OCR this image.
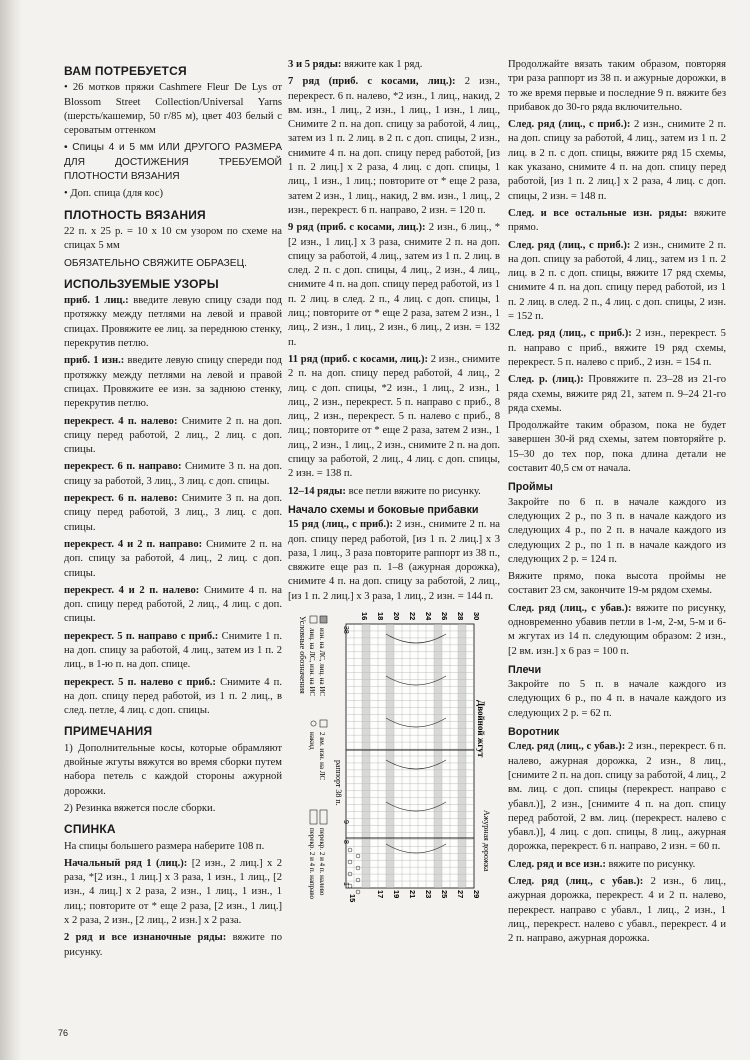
ВАМ ПОТРЕБУЕТСЯ

• 26 мотков пряжи Cashmere Fleur De Lys от Blossom Street Collection/Universal Yarns (шерсть/кашемир, 50 г/85 м), цвет 403 белый с сероватым оттенком

• Спицы 4 и 5 мм ИЛИ ДРУГОГО РАЗМЕРА ДЛЯ ДОСТИЖЕНИЯ ТРЕБУЕМОЙ ПЛОТНОСТИ ВЯЗАНИЯ

• Доп. спица (для кос)

ПЛОТНОСТЬ ВЯЗАНИЯ

22 п. x 25 р. = 10 x 10 см узором по схеме на спицах 5 мм

ОБЯЗАТЕЛЬНО СВЯЖИТЕ ОБРАЗЕЦ.

ИСПОЛЬЗУЕМЫЕ УЗОРЫ

приб. 1 лиц.: введите левую спицу сзади под протяжку между петлями на левой и правой спицах. Провяжите ее лиц. за переднюю стенку, перекрутив петлю.

приб. 1 изн.: введите левую спицу спереди под протяжку между петлями на левой и правой спицах. Провяжите ее изн. за заднюю стенку, перекрутив петлю.

перекрест. 4 п. налево: Снимите 2 п. на доп. спицу перед работой, 2 лиц., 2 лиц. с доп. спицы.

перекрест. 6 п. направо: Снимите 3 п. на доп. спицу за работой, 3 лиц., 3 лиц. с доп. спицы.

перекрест. 6 п. налево: Снимите 3 п. на доп. спицу перед работой, 3 лиц., 3 лиц. с доп. спицы.

перекрест. 4 и 2 п. направо: Снимите 2 п. на доп. спицу за работой, 4 лиц., 2 лиц. с доп. спицы.

перекрест. 4 и 2 п. налево: Снимите 4 п. на доп. спицу перед работой, 2 лиц., 4 лиц. с доп. спицы.

перекрест. 5 п. направо с приб.: Снимите 1 п. на доп. спицу за работой, 4 лиц., затем из 1 п. 2 лиц., в 1-ю п. на доп. спице.

перекрест. 5 п. налево с приб.: Снимите 4 п. на доп. спицу перед работой, из 1 п. 2 лиц., в след. петле, 4 лиц. с доп. спицы.

ПРИМЕЧАНИЯ

1) Дополнительные косы, которые обрамляют двойные жгуты вяжутся во время сборки путем набора петель с каждой стороны ажурной дорожки.

2) Резинка вяжется после сборки.

СПИНКА

На спицы большего размера наберите 108 п.

Начальный ряд 1 (лиц.): [2 изн., 2 лиц.] x 2 раза, *[2 изн., 1 лиц.] x 3 раза, 1 изн., 1 лиц., [2 изн., 4 лиц.] x 2 раза, 2 изн., 1 лиц., 1 изн., 1 лиц.; повторите от * еще 2 раза, [2 изн., 1 лиц.] x 2 раза, 2 изн., [2 лиц., 2 изн.] x 2 раза.

2 ряд и все изнаночные ряды: вяжите по рисунку.

3 и 5 ряды: вяжите как 1 ряд.

7 ряд (приб. с косами, лиц.): 2 изн., перекрест. 6 п. налево, *2 изн., 1 лиц., накид, 2 вм. изн., 1 лиц., 2 изн., 1 лиц., 1 изн., 1 лиц., Снимите 2 п. на доп. спицу за работой, 4 лиц., затем из 1 п. 2 лиц. в 2 п. с доп. спицы, 2 изн., снимите 4 п. на доп. спицу перед работой, [из 1 п. 2 лиц.] x 2 раза, 4 лиц. с доп. спицы, 1 лиц., 1 изн., 1 лиц.; повторите от * еще 2 раза, затем 2 изн., 1 лиц., накид, 2 вм. изн., 1 лиц., 2 изн., перекрест. 6 п. направо, 2 изн. = 120 п.

9 ряд (приб. с косами, лиц.): 2 изн., 6 лиц., *[2 изн., 1 лиц.] x 3 раза, снимите 2 п. на доп. спицу за работой, 4 лиц., затем из 1 п. 2 лиц. в след. 2 п. с доп. спицы, 4 лиц., 2 изн., 4 лиц., снимите 4 п. на доп. спицу перед работой, из 1 п. 2 лиц. в след. 2 п., 4 лиц. с доп. спицы, 1 лиц.; повторите от * еще 2 раза, затем 2 изн., 1 лиц., 2 изн., 1 лиц., 2 изн., 6 лиц., 2 изн. = 132 п.

11 ряд (приб. с косами, лиц.): 2 изн., снимите 2 п. на доп. спицу перед работой, 4 лиц., 2 лиц. с доп. спицы, *2 изн., 1 лиц., 2 изн., 1 лиц., 2 изн., перекрест. 5 п. направо с приб., 8 лиц., 2 изн., перекрест. 5 п. налево с приб., 8 лиц.; повторите от * еще 2 раза, затем 2 изн., 1 лиц., 2 изн., 1 лиц., 2 изн., снимите 2 п. на доп. спицу за работой, 2 лиц., 4 лиц. с доп. спицы, 2 изн. = 138 п.

12–14 ряды: все петли вяжите по рисунку.

Начало схемы и боковые прибавки

15 ряд (лиц., с приб.): 2 изн., снимите 2 п. на доп. спицу перед работой, [из 1 п. 2 лиц.] x 3 раза, 1 лиц., 3 раза повторите раппорт из 38 п., свяжите еще раз п. 1–8 (ажурная дорожка), снимите 4 п. на доп. спицу за работой, 2 лиц., [из 1 п. 2 лиц.] x 3 раза, 1 лиц., 2 изн. = 144 п.

Условные обозначения лиц. на ЛС, изн. на ИС изн. на ЛС, лиц. на ИС
накид 2 вм. изн. на ЛС
перекр. 2 и 4 п. направо перекр. 2 и 4 п. налево
Двойной жгут
Ажурная дорожка
раппорт 38 п.
30
28
26
24
22
20
18
16
29
27
25
23
21
19
17
15
38
9
8
1

Продолжайте вязать таким образом, повторяя три раза раппорт из 38 п. и ажурные дорожки, в то же время первые и последние 9 п. вяжите без прибавок до 30-го ряда включительно.

След. ряд (лиц., с приб.): 2 изн., снимите 2 п. на доп. спицу за работой, 4 лиц., затем из 1 п. 2 лиц. в 2 п. с доп. спицы, вяжите ряд 15 схемы, как указано, снимите 4 п. на доп. спицу перед работой, [из 1 п. 2 лиц.] x 2 раза, 4 лиц. с доп. спицы, 2 изн. = 148 п.

След. и все остальные изн. ряды: вяжите прямо.

След. ряд (лиц., с приб.): 2 изн., снимите 2 п. на доп. спицу за работой, 4 лиц., затем из 1 п. 2 лиц. в 2 п. с доп. спицы, вяжите 17 ряд схемы, снимите 4 п. на доп. спицу перед работой, из 1 п. 2 лиц. в след. 2 п., 4 лиц. с доп. спицы, 2 изн. = 152 п.

След. ряд (лиц., с приб.): 2 изн., перекрест. 5 п. направо с приб., вяжите 19 ряд схемы, перекрест. 5 п. налево с приб., 2 изн. = 154 п.

След. р. (лиц.): Провяжите п. 23–28 из 21-го ряда схемы, вяжите ряд 21, затем п. 9–24 21-го ряда схемы.

Продолжайте таким образом, пока не будет завершен 30-й ряд схемы, затем повторяйте р. 15–30 до тех пор, пока длина детали не составит 40,5 см от начала.

Проймы

Закройте по 6 п. в начале каждого из следующих 2 р., по 3 п. в начале каждого из следующих 4 р., по 2 п. в начале каждого из следующих 2 р., по 1 п. в начале каждого из следующих 2 р. = 124 п.

Вяжите прямо, пока высота проймы не составит 23 см, закончите 19-м рядом схемы.

След. ряд (лиц., с убав.): вяжите по рисунку, одновременно убавив петли в 1-м, 2-м, 5-м и 6-м жгутах из 14 п. следующим образом: 2 изн., [2 вм. изн.] x 6 раз = 100 п.

Плечи

Закройте по 5 п. в начале каждого из следующих 6 р., по 4 п. в начале каждого из следующих 2 р. = 62 п.

Воротник

След. ряд (лиц., с убав.): 2 изн., перекрест. 6 п. налево, ажурная дорожка, 2 изн., 8 лиц., [снимите 2 п. на доп. спицу за работой, 4 лиц., 2 вм. лиц. с доп. спицы (перекрест. направо с убавл.)], 2 изн., [снимите 4 п. на доп. спицу перед работой, 2 вм. лиц. (перекрест. налево с убавл.)], 4 лиц. с доп. спицы, 8 лиц., ажурная дорожка, перекрест. 6 п. направо, 2 изн. = 60 п.

След. ряд и все изн.: вяжите по рисунку.

След. ряд (лиц., с убав.): 2 изн., 6 лиц., ажурная дорожка, перекрест. 4 и 2 п. налево, перекрест. направо с убавл., 1 лиц., 2 изн., 1 лиц., перекрест. налево с убавл., перекрест. 4 и 2 п. направо, ажурная дорожка.

76
